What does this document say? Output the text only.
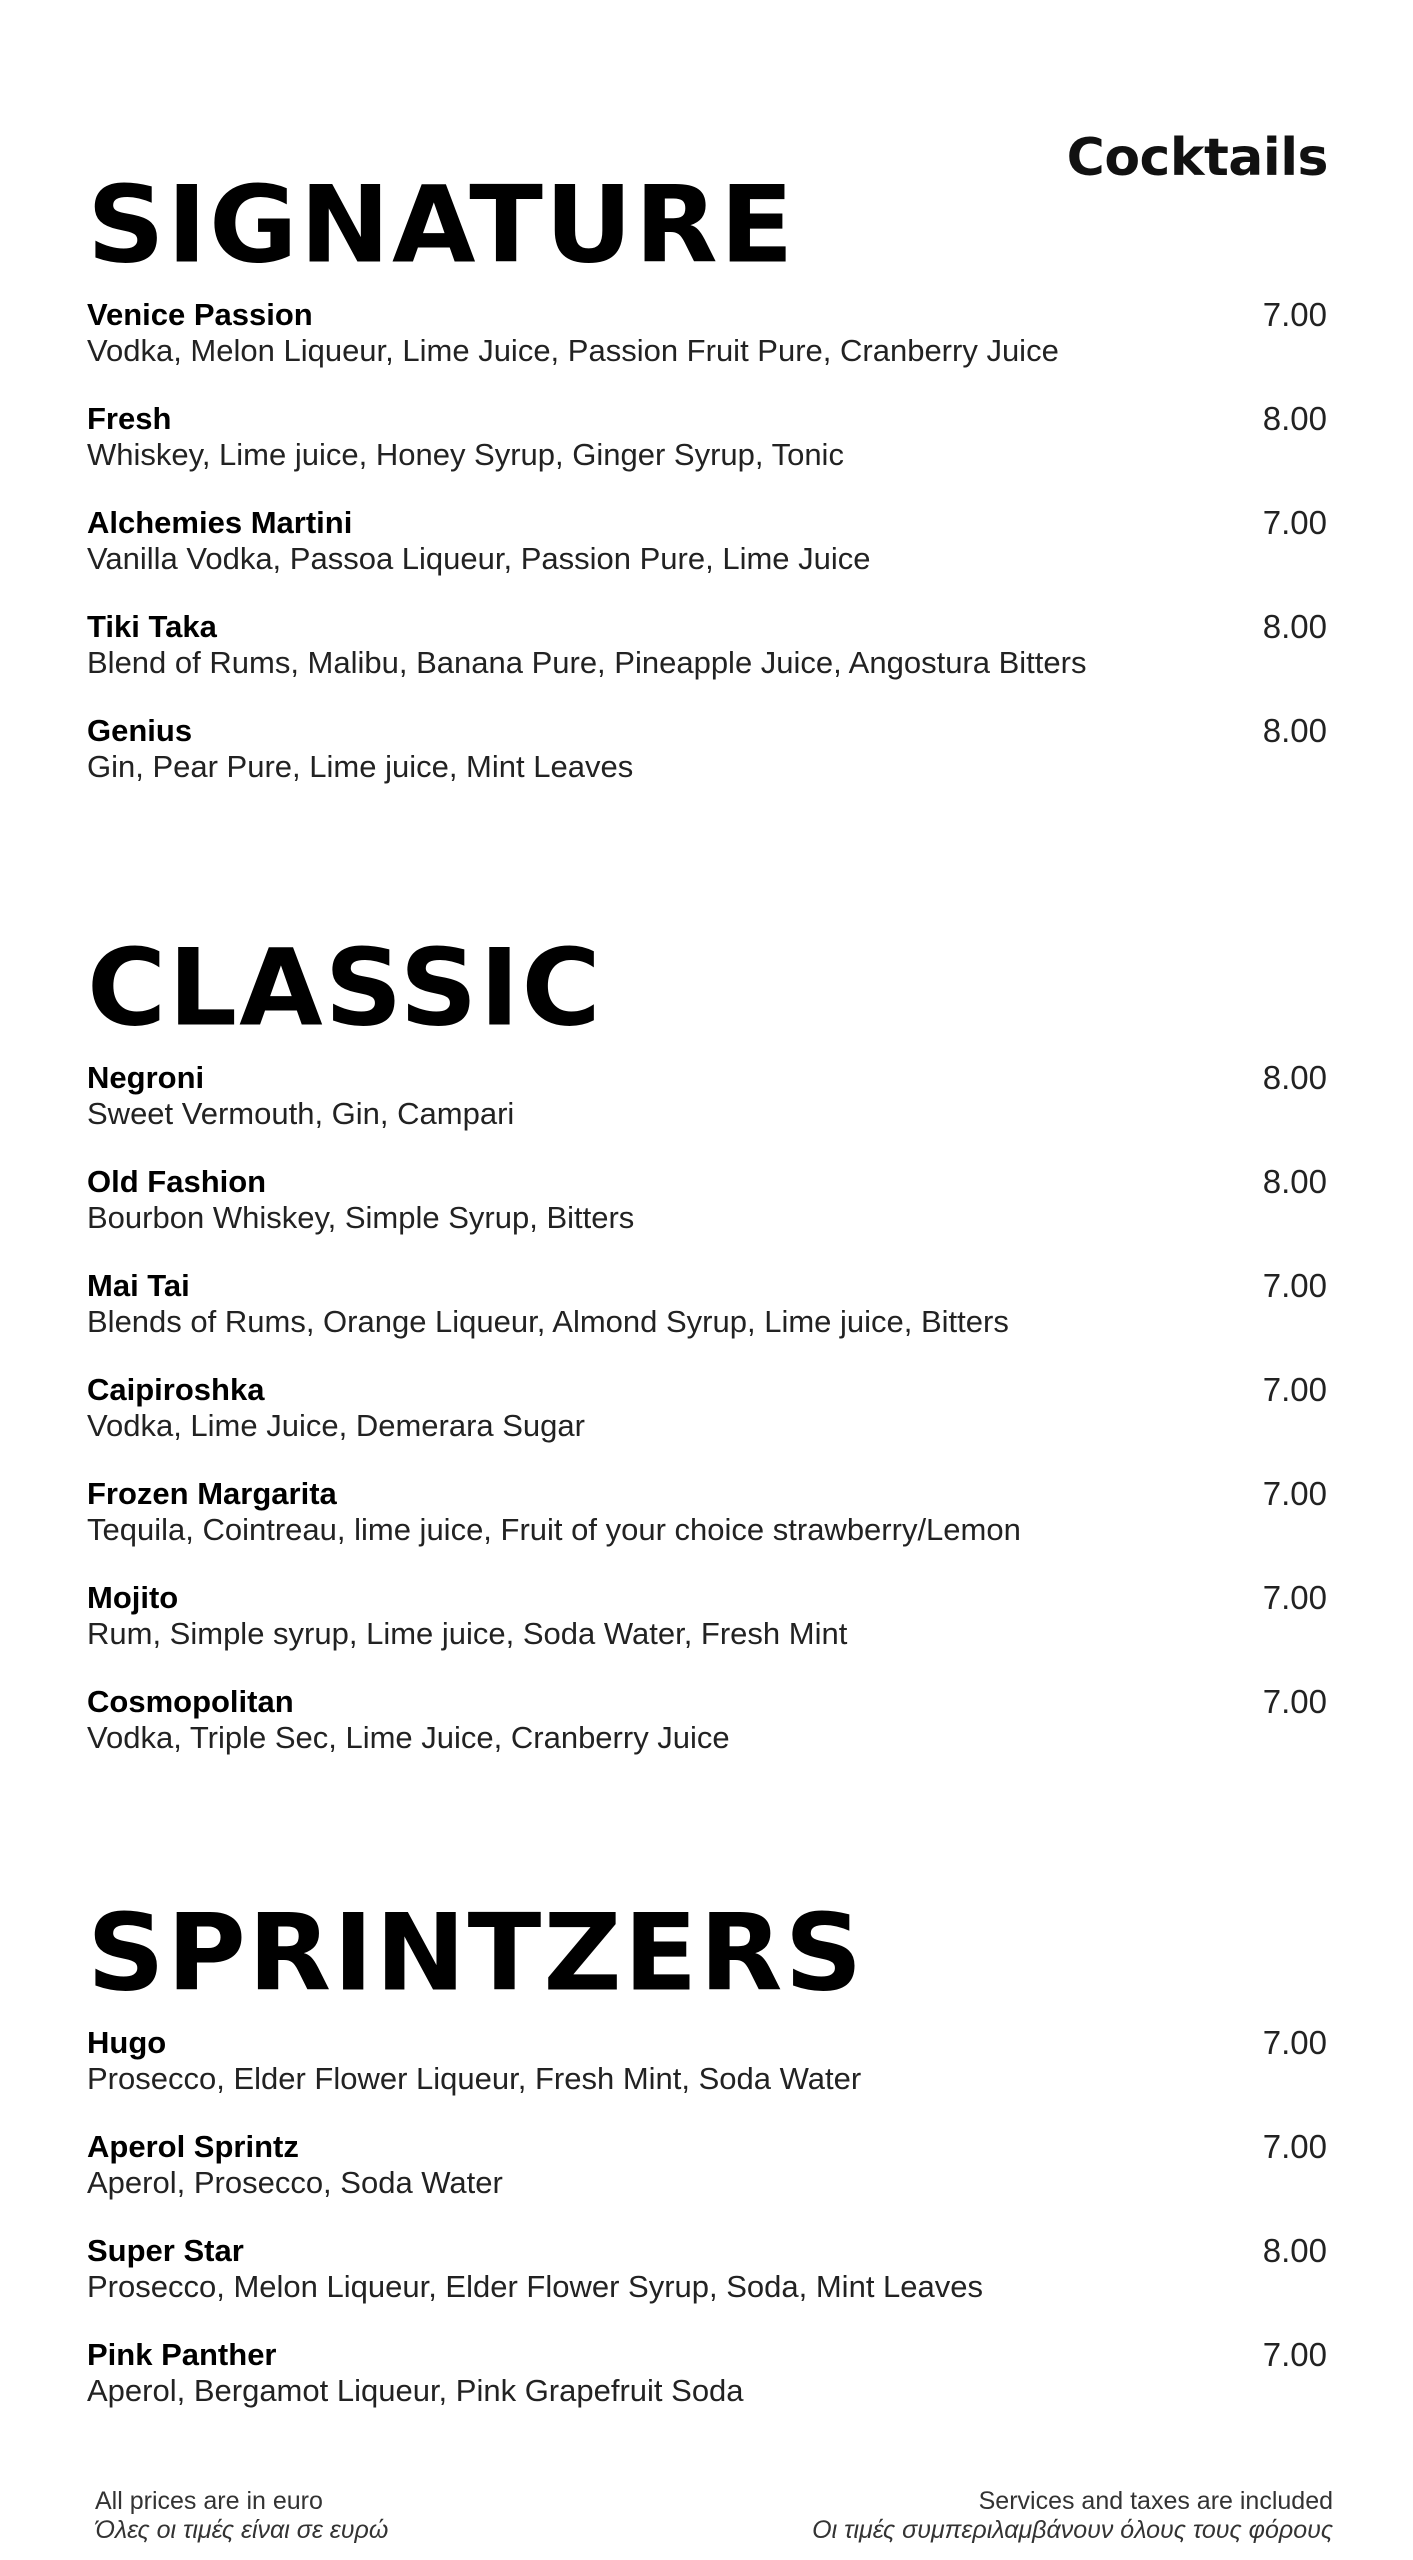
Cocktails
SIGNATURE
Venice Passion
Vodka, Melon Liqueur, Lime Juice, Passion Fruit Pure, Cranberry Juice
7.00
Fresh
Whiskey, Lime juice, Honey Syrup, Ginger Syrup, Tonic
8.00
Alchemies Martini
Vanilla Vodka, Passoa Liqueur, Passion Pure, Lime Juice
7.00
Tiki Taka
Blend of Rums, Malibu, Banana Pure, Pineapple Juice, Angostura Bitters
8.00
Genius
Gin, Pear Pure, Lime juice, Mint Leaves
8.00
CLASSIC
Negroni
Sweet Vermouth, Gin, Campari
8.00
Old Fashion
Bourbon Whiskey, Simple Syrup, Bitters
8.00
Mai Tai
Blends of Rums, Orange Liqueur, Almond Syrup, Lime juice, Bitters
7.00
Caipiroshka
Vodka, Lime Juice, Demerara Sugar
7.00
Frozen Margarita
Tequila, Cointreau, lime juice, Fruit of your choice strawberry/Lemon
7.00
Mojito
Rum, Simple syrup, Lime juice, Soda Water, Fresh Mint
7.00
Cosmopolitan
Vodka, Triple Sec, Lime Juice, Cranberry Juice
7.00
SPRINTZERS
Hugo
Prosecco, Elder Flower Liqueur, Fresh Mint, Soda Water
7.00
Aperol Sprintz
Aperol, Prosecco, Soda Water
7.00
Super Star
Prosecco, Melon Liqueur, Elder Flower Syrup, Soda, Mint Leaves
8.00
Pink Panther
Aperol, Bergamot Liqueur, Pink Grapefruit Soda
7.00
All prices are in euro
Όλες οι τιμές είναι σε ευρώ
Services and taxes are included
Οι τιμές συμπεριλαμβάνουν όλους τους φόρους
